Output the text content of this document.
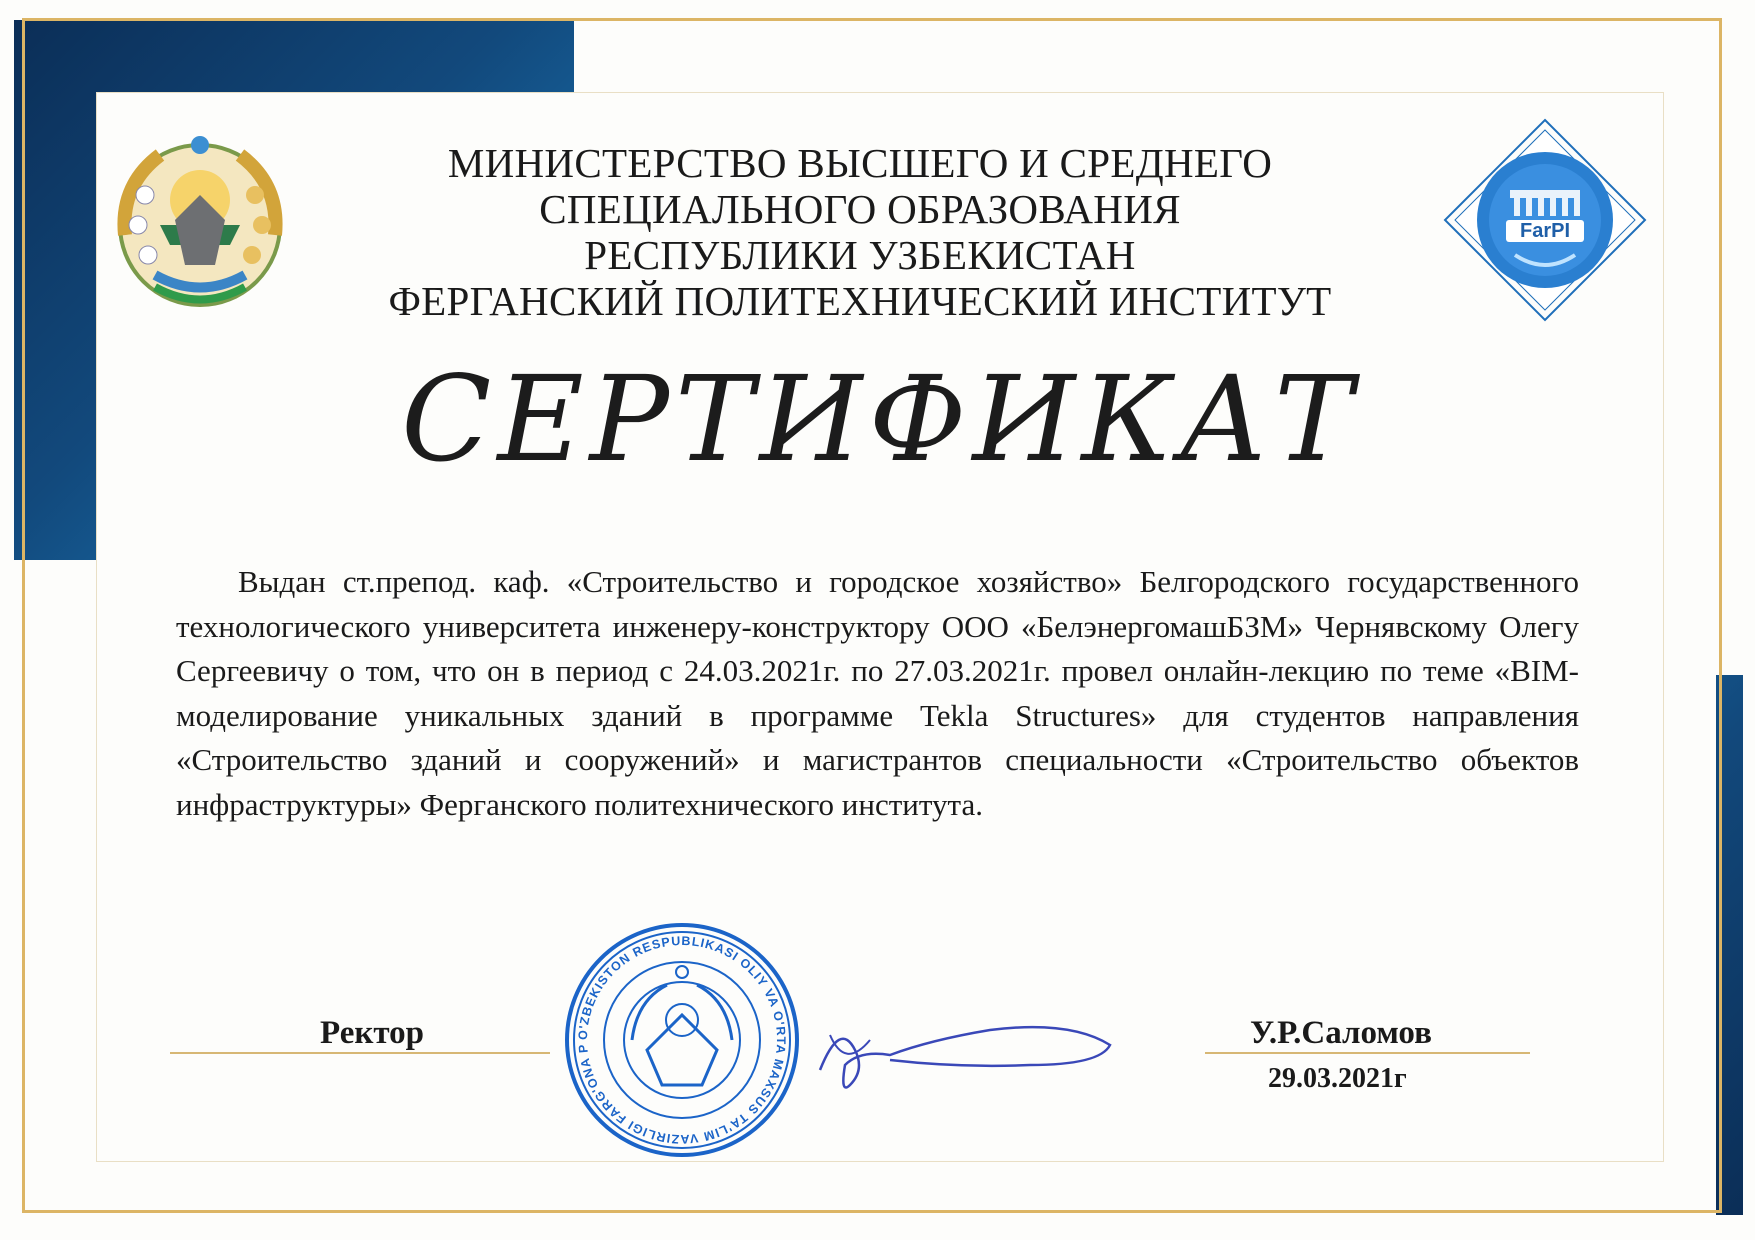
FarPI
МИНИСТЕРСТВО ВЫСШЕГО И СРЕДНЕГО
СПЕЦИАЛЬНОГО ОБРАЗОВАНИЯ
РЕСПУБЛИКИ УЗБЕКИСТАН
ФЕРГАНСКИЙ ПОЛИТЕХНИЧЕСКИЙ ИНСТИТУТ
СЕРТИФИКАТ

Выдан ст.препод. каф. «Строительство и городское хозяйство» Белгородского государственного технологического университета инженеру-конструктору ООО «БелэнергомашБЗМ» Чернявскому Олегу Сергеевичу о том, что он в период с 24.03.2021г. по 27.03.2021г. провел онлайн-лекцию по теме «BIM-моделирование уникальных зданий в программе Tekla Structures» для студентов направления «Строительство зданий и сооружений» и магистрантов специальности «Строительство объектов инфраструктуры» Ферганского политехнического института.

Ректор	У.Р.Саломов
29.03.2021г
O'ZBEKISTON RESPUBLIKASI OLIY VA O'RTA MAXSUS TA'LIM VAZIRLIGI FARG'ONA P
